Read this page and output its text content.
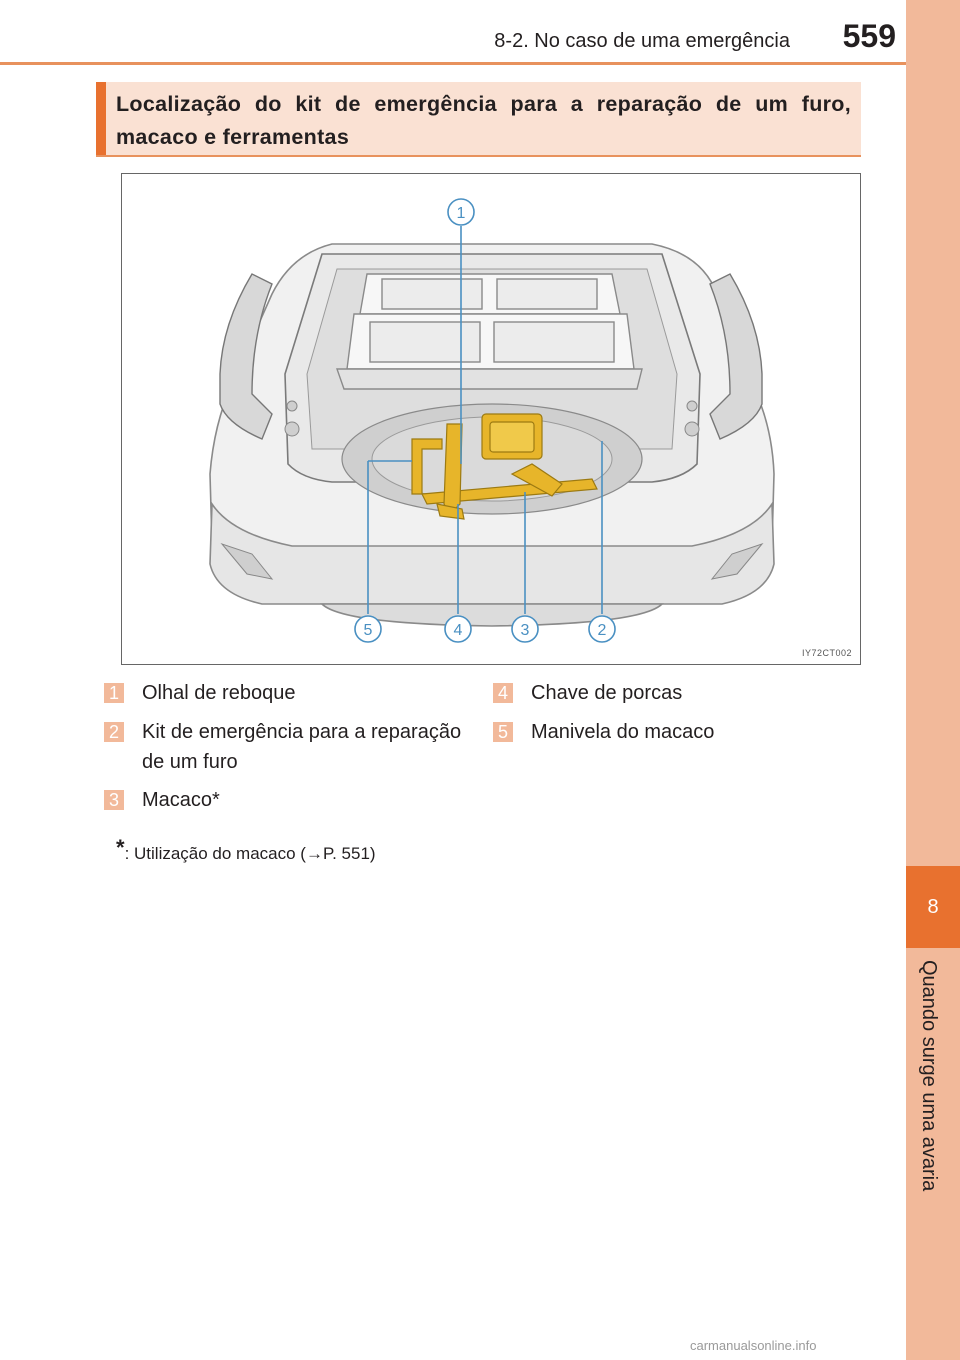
8-2. No caso de uma emergência	559
8
Quando surge uma avaria
Localização do kit de emergência para a reparação de um furo, macaco e ferramentas
1
2
3
4
5
IY72CT002
1 Olhal de reboque
2 Kit de emergência para a reparação de um furo
3 Macaco*
4 Chave de porcas
5 Manivela do macaco
*: Utilização do macaco (→P. 551)
carmanualsonline.info
